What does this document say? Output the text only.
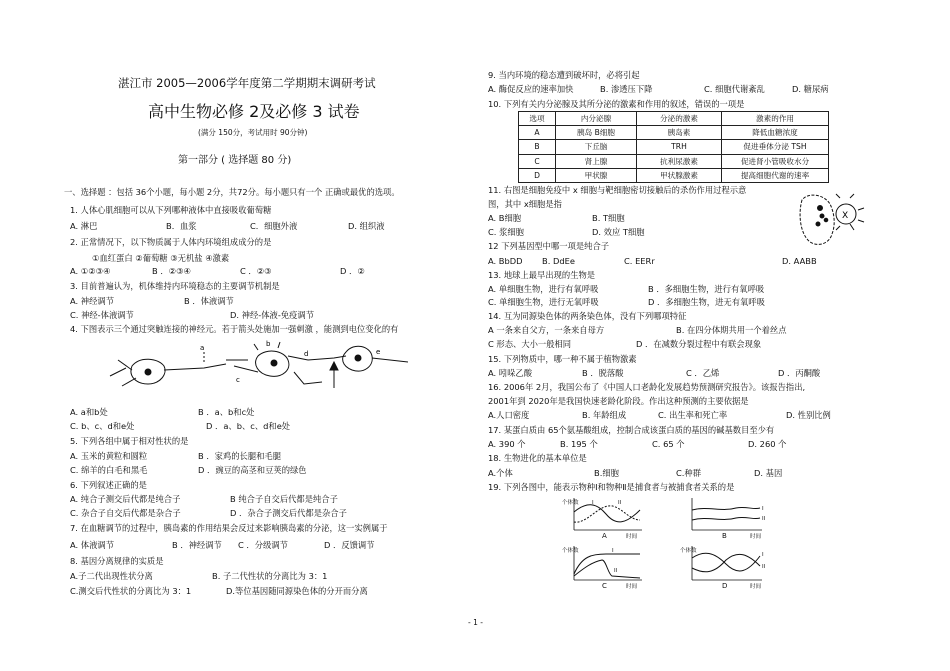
湛江市 2005—2006学年度第二学期期末调研考试
高中生物必修 2及必修 3 试卷
(满分 150分，考试用时 90分钟)
第一部分 ( 选择题 80 分)
一、选择题 ：包括 36个小题，每小题 2分，共72分。每小题只有一个 正确或最优的选项。
1. 人体心肌细胞可以从下列哪种液体中直接吸收葡萄糖
A. 淋巴	B．血浆	C．细胞外液	D. 组织液
2. 正常情况下，以下物质属于人体内环境组成成分的是
①血红蛋白 ②葡萄糖 ③无机盐 ④激素
A. ①②③④	B ．②③④	C ．②③	D ．②
3. 目前普遍认为，机体维持内环境稳态的主要调节机制是
A. 神经调节	B ．体液调节
C. 神经-体液调节	D. 神经-体液-免疫调节
4. 下图表示三个通过突触连接的神经元。若于箭头处施加一强刺激 ，能测到电位变化的有
a	b
c
d	e
A. a和b处	B ．a、b和c处
C. b、c、d和e处	D ．a、b、c、d和e处
5. 下列各组中属于相对性状的是
A. 玉米的黄粒和圆粒	B ．家鸡的长腿和毛腿
C. 绵羊的白毛和黑毛	D ．豌豆的高茎和豆荚的绿色
6. 下列叙述正确的是
A. 纯合子测交后代都是纯合子	B 纯合子自交后代都是纯合子
C. 杂合子自交后代都是杂合子	D ．杂合子测交后代都是杂合子
7. 在血糖调节的过程中，胰岛素的作用结果会反过来影响胰岛素的分泌，这一实例属于
A. 体液调节	B ．神经调节 C ．分级调节	D ．反馈调节
8. 基因分离规律的实质是
A.子二代出现性状分离	B. 子二代性状的分离比为 3：1
C.测交后代性状的分离比为 3：1	D.等位基因随同源染色体的分开而分离
9. 当内环境的稳态遭到破坏时，必将引起
A. 酶促反应的速率加快	B. 渗透压下降	C. 细胞代谢紊乱	D. 糖尿病
10. 下列有关内分泌腺及其所分泌的激素和作用的叙述，错误的一项是
选项	内分泌腺	分泌的激素	激素的作用
A	胰岛 B细胞	胰岛素	降低血糖浓度
B	下丘脑	TRH	促进垂体分泌 TSH
C	肾上腺	抗利尿激素	促进肾小管吸收水分
D	甲状腺	甲状腺激素	提高细胞代谢的速率
11. 右图是细胞免疫中 x 细胞与靶细胞密切接触后的杀伤作用过程示意
图，其中 x细胞是指
A. B细胞	B. T细胞
C. 浆细胞	D. 效应 T细胞
X
12 下列基因型中哪一项是纯合子
A. BbDD B. DdEe	C. EERr	D. AABB
13. 地球上最早出现的生物是
A. 单细胞生物，进行有氧呼吸	B ．多细胞生物，进行有氧呼吸
C. 单细胞生物，进行无氧呼吸	D ．多细胞生物，进无有氧呼吸
14. 互为同源染色体的两条染色体，没有下列哪项特征
A 一条来自父方，一条来自母方	B. 在四分体期共用一个着丝点
C 形态、大小一般相同	D ．在减数分裂过程中有联会现象
15. 下列物质中，哪一种不属于植物激素
A. 吲哚乙酸	B ．脱落酸	C ．乙烯	D ．丙酮酸
16. 2006年 2月，我国公布了《中国人口老龄化发展趋势预测研究报告》。该报告指出,
2001年到 2020年是我国快速老龄化阶段。作出这种预测的主要依据是
A.人口密度	B. 年龄组成	C. 出生率和死亡率	D. 性别比例
17. 某蛋白质由 65个氨基酸组成，控制合成该蛋白质的基因的碱基数目至少有
A. 390 个	B. 195 个	C. 65 个	D. 260 个
18. 生物进化的基本单位是
A.个体	B.细胞	C.种群	D. 基因
19. 下列各图中，能表示物种Ⅰ和物种Ⅱ是捕食者与被捕食者关系的是
个体数
时间
A
I	II
时间
B
I
II
个体数
时间
C
I
II
个体数
时间
D
I
II
- 1 -
